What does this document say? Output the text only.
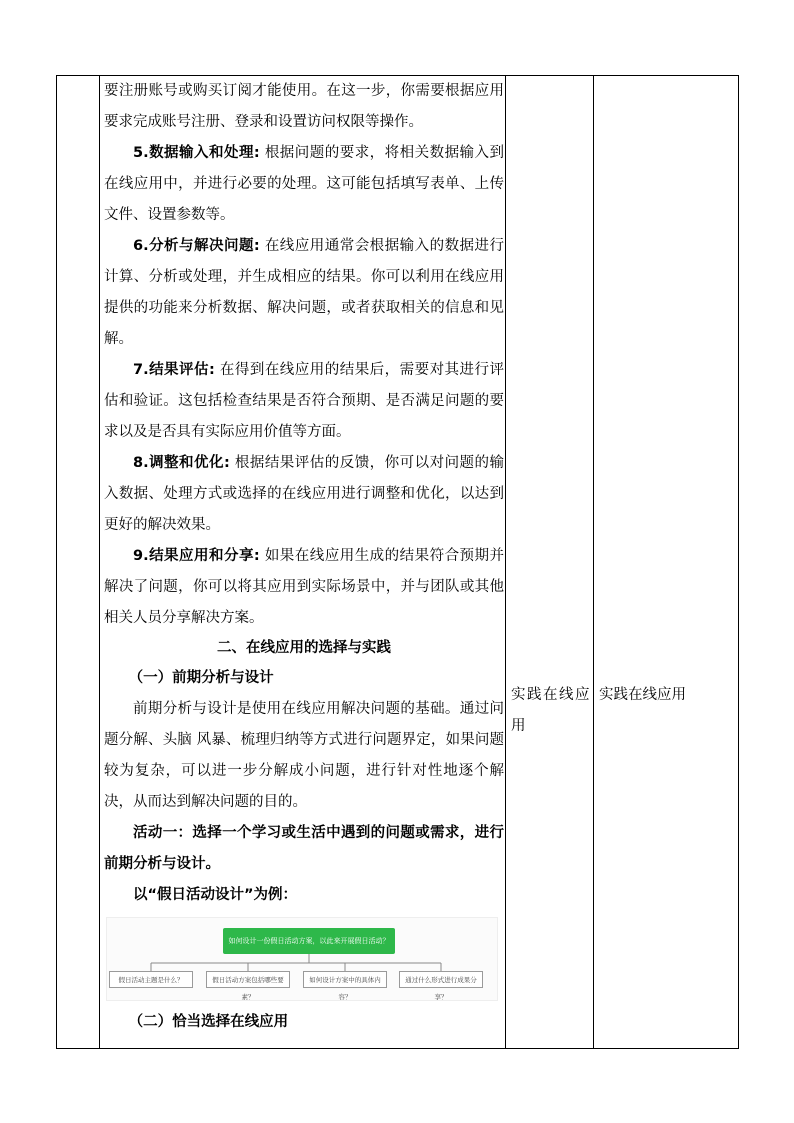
要注册账号或购买订阅才能使用。在这一步，你需要根据应用要求完成账号注册、登录和设置访问权限等操作。

5.数据输入和处理: 根据问题的要求，将相关数据输入到在线应用中，并进行必要的处理。这可能包括填写表单、上传文件、设置参数等。

6.分析与解决问题: 在线应用通常会根据输入的数据进行计算、分析或处理，并生成相应的结果。你可以利用在线应用提供的功能来分析数据、解决问题，或者获取相关的信息和见解。

7.结果评估: 在得到在线应用的结果后，需要对其进行评估和验证。这包括检查结果是否符合预期、是否满足问题的要求以及是否具有实际应用价值等方面。

8.调整和优化: 根据结果评估的反馈，你可以对问题的输入数据、处理方式或选择的在线应用进行调整和优化，以达到更好的解决效果。

9.结果应用和分享: 如果在线应用生成的结果符合预期并解决了问题，你可以将其应用到实际场景中，并与团队或其他相关人员分享解决方案。

二、在线应用的选择与实践

（一）前期分析与设计

前期分析与设计是使用在线应用解决问题的基础。通过问题分解、头脑 风暴、梳理归纳等方式进行问题界定，如果问题较为复杂，可以进一步分解成小问题，进行针对性地逐个解决，从而达到解决问题的目的。

活动一：选择一个学习或生活中遇到的问题或需求，进行前期分析与设计。

以“假日活动设计”为例：

如何设计一份假日活动方案，以此来开展假日活动？
假日活动主题是什么？	假日活动方案包括哪些要素？
如何设计方案中的具体内容？
通过什么形式进行成果分享？

（二）恰当选择在线应用

实践在线应用
实践在线应用
